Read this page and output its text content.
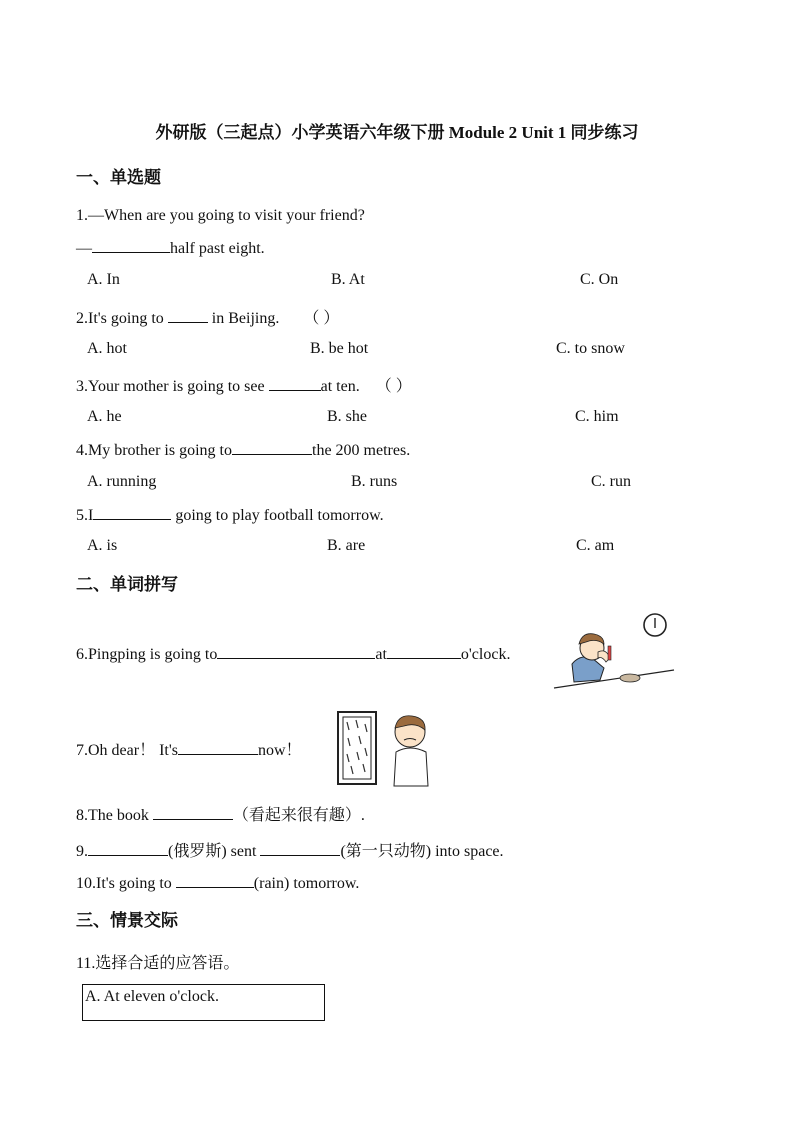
外研版（三起点）小学英语六年级下册 Module 2 Unit 1 同步练习
一、单选题
1.—When are you going to visit your friend?
—	half past eight.
A. In	B. At	C. On
2.It's going to	in Beijing. （ ）
A. hot	B. be hot	C. to snow
3.Your mother is going to see	at ten. （ ）
A. he	B. she	C. him
4.My brother is going to	the 200 metres.
A. running	B. runs	C. run
5.I	going to play football tomorrow.
A. is	B. are	C. am
二、单词拼写
6.Pingping is going to	at	o'clock.
7.Oh dear！ It's	now！
8.The book	（看起来很有趣）.
9.	(俄罗斯) sent	(第一只动物) into space.
10.It's going to	(rain) tomorrow.
三、情景交际
11.选择合适的应答语。
A. At eleven o'clock.
